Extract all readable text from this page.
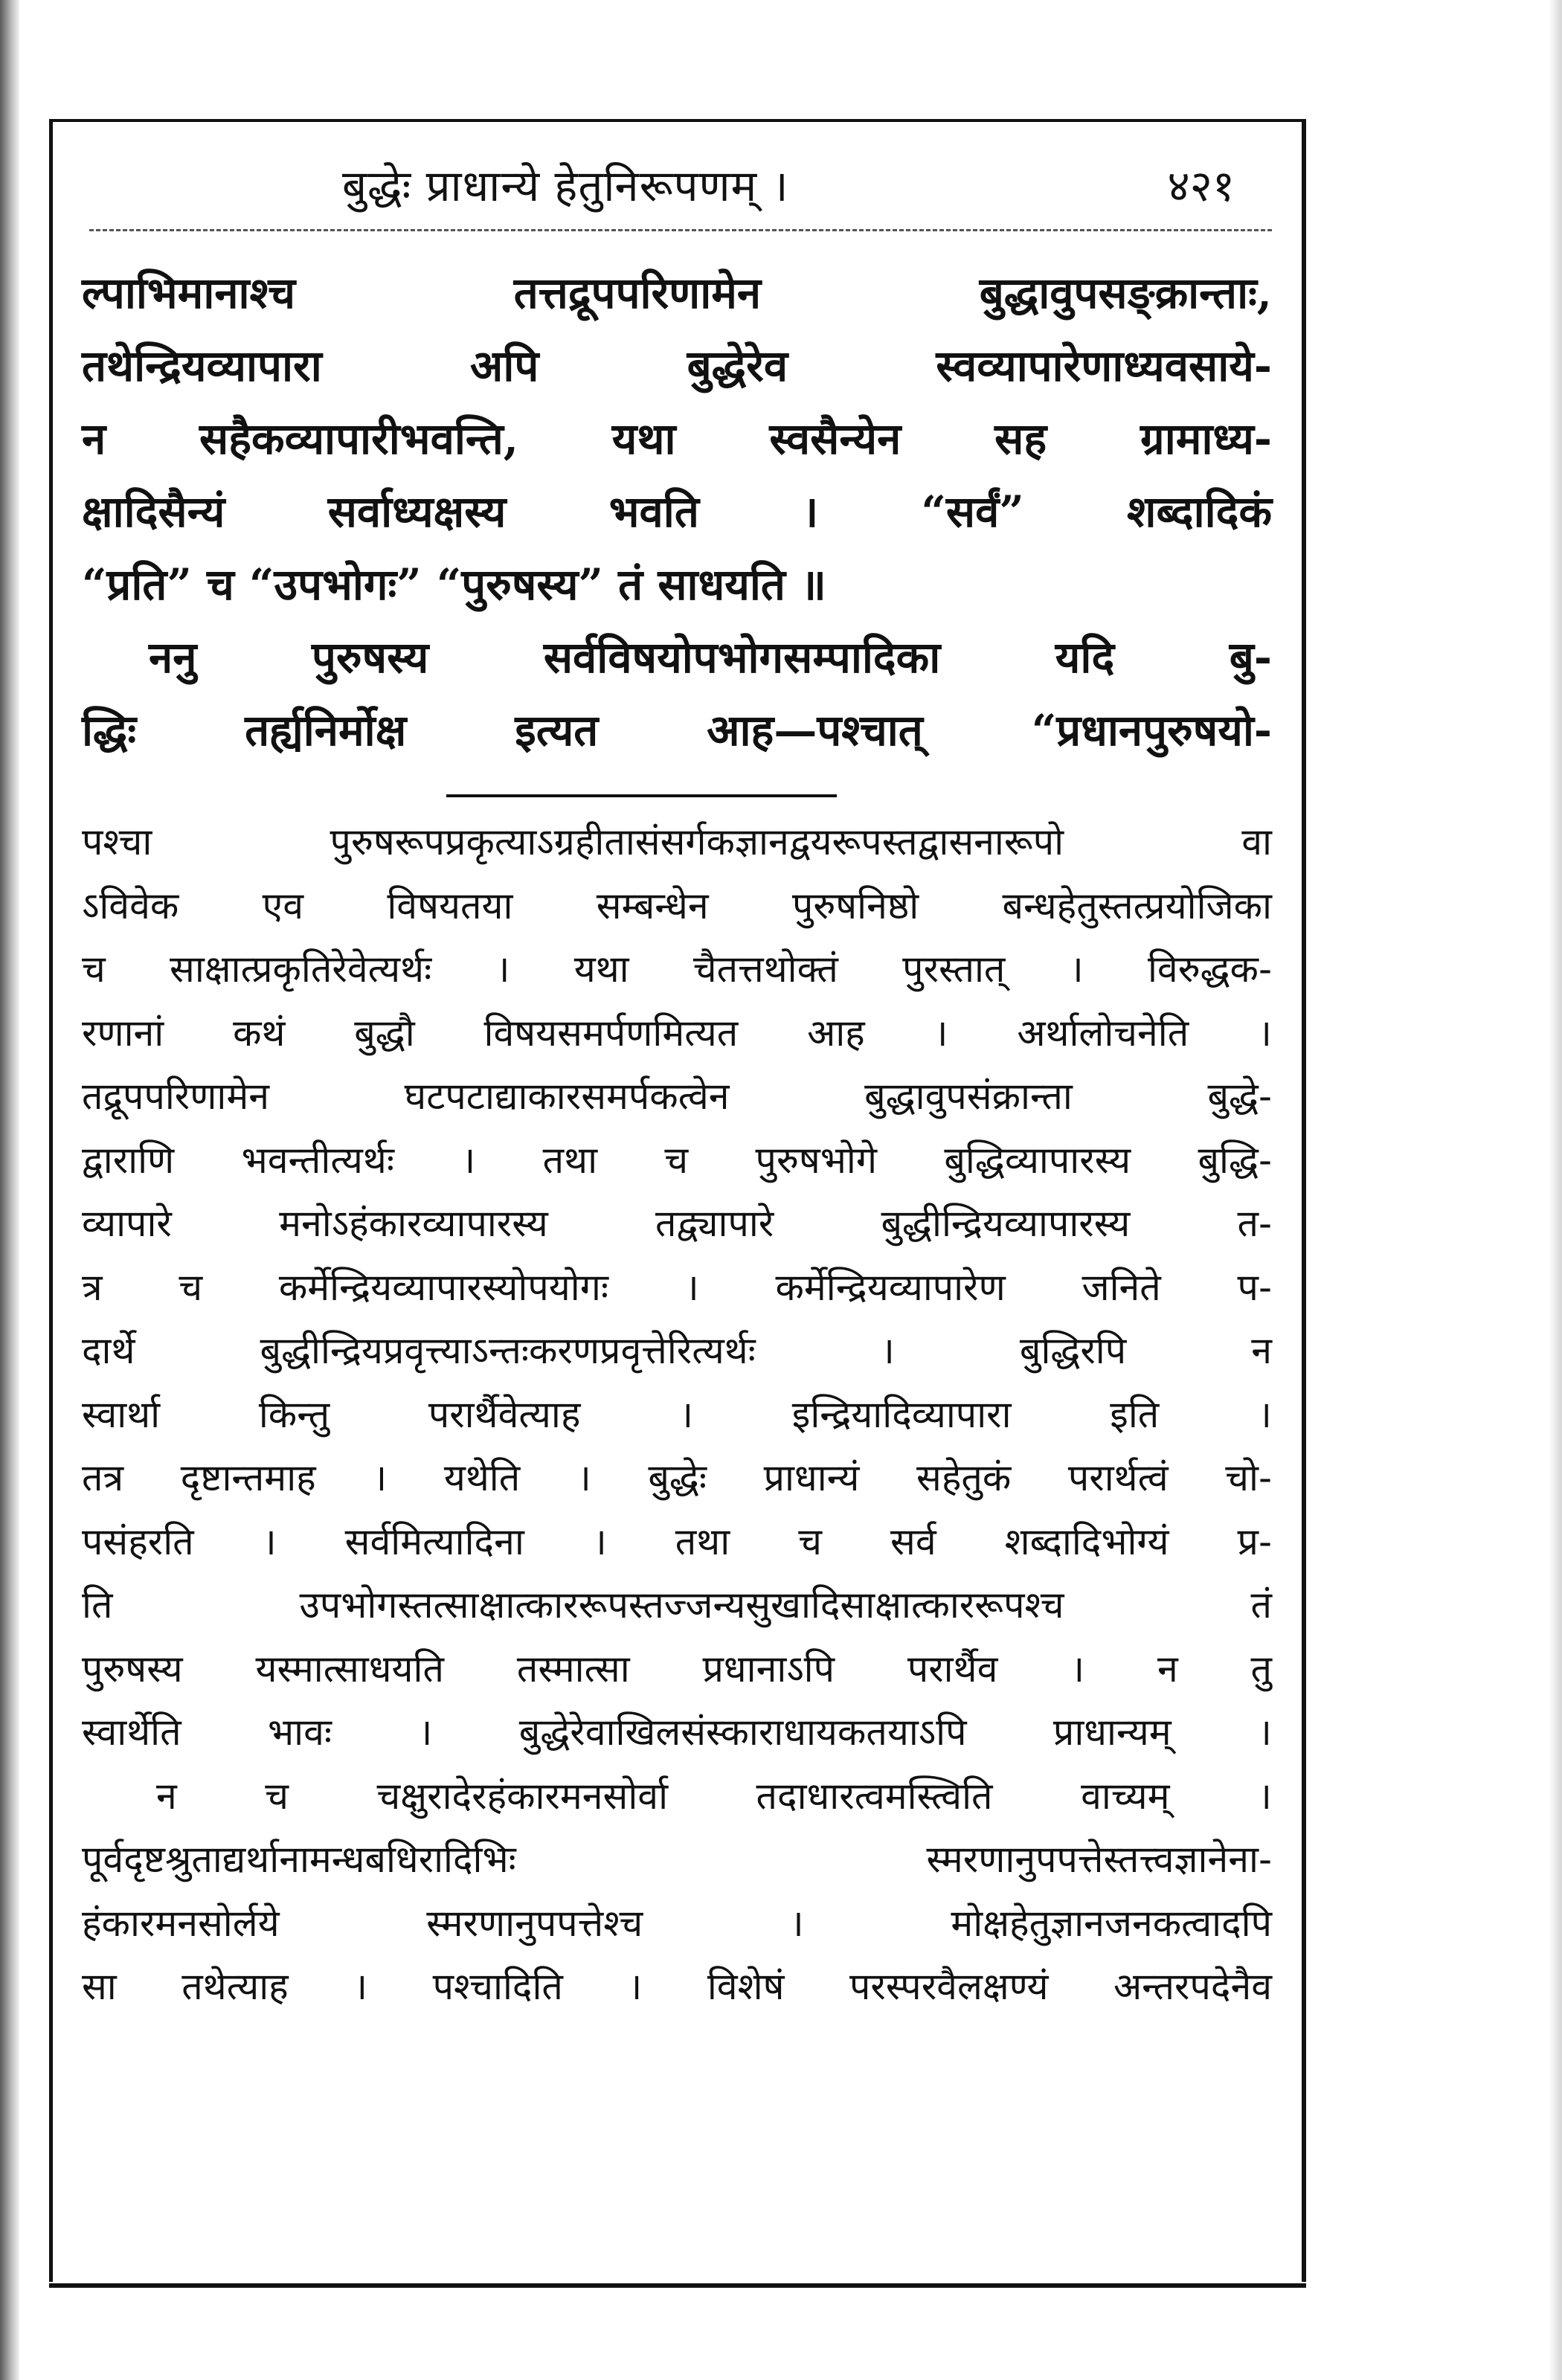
बुद्धेः प्राधान्ये हेतुनिरूपणम् ।	४२१
ल्पाभिमानाश्च तत्तद्रूपपरिणामेन बुद्धावुपसङ्क्रान्ताः,
तथेन्द्रियव्यापारा अपि बुद्धेरेव स्वव्यापारेणाध्यवसाये-
न सहैकव्यापारीभवन्ति, यथा स्वसैन्येन सह ग्रामाध्य-
क्षादिसैन्यं सर्वाध्यक्षस्य भवति । “सर्वं” शब्दादिकं
“प्रति” च “उपभोगः” “पुरुषस्य” तं साधयति ॥
ननु पुरुषस्य सर्वविषयोपभोगसम्पादिका यदि बु-
द्धिः तर्ह्यनिर्मोक्ष इत्यत आह—पश्चात् “प्रधानपुरुषयो-
पश्चा पुरुषरूपप्रकृत्याऽग्रहीतासंसर्गकज्ञानद्वयरूपस्तद्वासनारूपो वा
ऽविवेक एव विषयतया सम्बन्धेन पुरुषनिष्ठो बन्धहेतुस्तत्प्रयोजिका
च साक्षात्प्रकृतिरेवेत्यर्थः । यथा चैतत्तथोक्तं पुरस्तात् । विरुद्धक-
रणानां कथं बुद्धौ विषयसमर्पणमित्यत आह । अर्थालोचनेति ।
तद्रूपपरिणामेन घटपटाद्याकारसमर्पकत्वेन बुद्धावुपसंक्रान्ता बुद्धे-
द्वाराणि भवन्तीत्यर्थः । तथा च पुरुषभोगे बुद्धिव्यापारस्य बुद्धि-
व्यापारे मनोऽहंकारव्यापारस्य तद्व्यापारे बुद्धीन्द्रियव्यापारस्य त-
त्र च कर्मेन्द्रियव्यापारस्योपयोगः । कर्मेन्द्रियव्यापारेण जनिते प-
दार्थे बुद्धीन्द्रियप्रवृत्त्याऽन्तःकरणप्रवृत्तेरित्यर्थः । बुद्धिरपि न
स्वार्था किन्तु परार्थैवेत्याह । इन्द्रियादिव्यापारा इति ।
तत्र दृष्टान्तमाह । यथेति । बुद्धेः प्राधान्यं सहेतुकं परार्थत्वं चो-
पसंहरति । सर्वमित्यादिना । तथा च सर्व शब्दादिभोग्यं प्र-
ति उपभोगस्तत्साक्षात्काररूपस्तज्जन्यसुखादिसाक्षात्काररूपश्च तं
पुरुषस्य यस्मात्साधयति तस्मात्सा प्रधानाऽपि परार्थैव । न तु
स्वार्थेति भावः । बुद्धेरेवाखिलसंस्काराधायकतयाऽपि प्राधान्यम् ।
न च चक्षुरादेरहंकारमनसोर्वा तदाधारत्वमस्त्विति वाच्यम् ।
पूर्वदृष्टश्रुताद्यर्थानामन्धबधिरादिभिः स्मरणानुपपत्तेस्तत्त्वज्ञानेना-
हंकारमनसोर्लये स्मरणानुपपत्तेश्च । मोक्षहेतुज्ञानजनकत्वादपि
सा तथेत्याह । पश्चादिति । विशेषं परस्परवैलक्षण्यं अन्तरपदेनैव
